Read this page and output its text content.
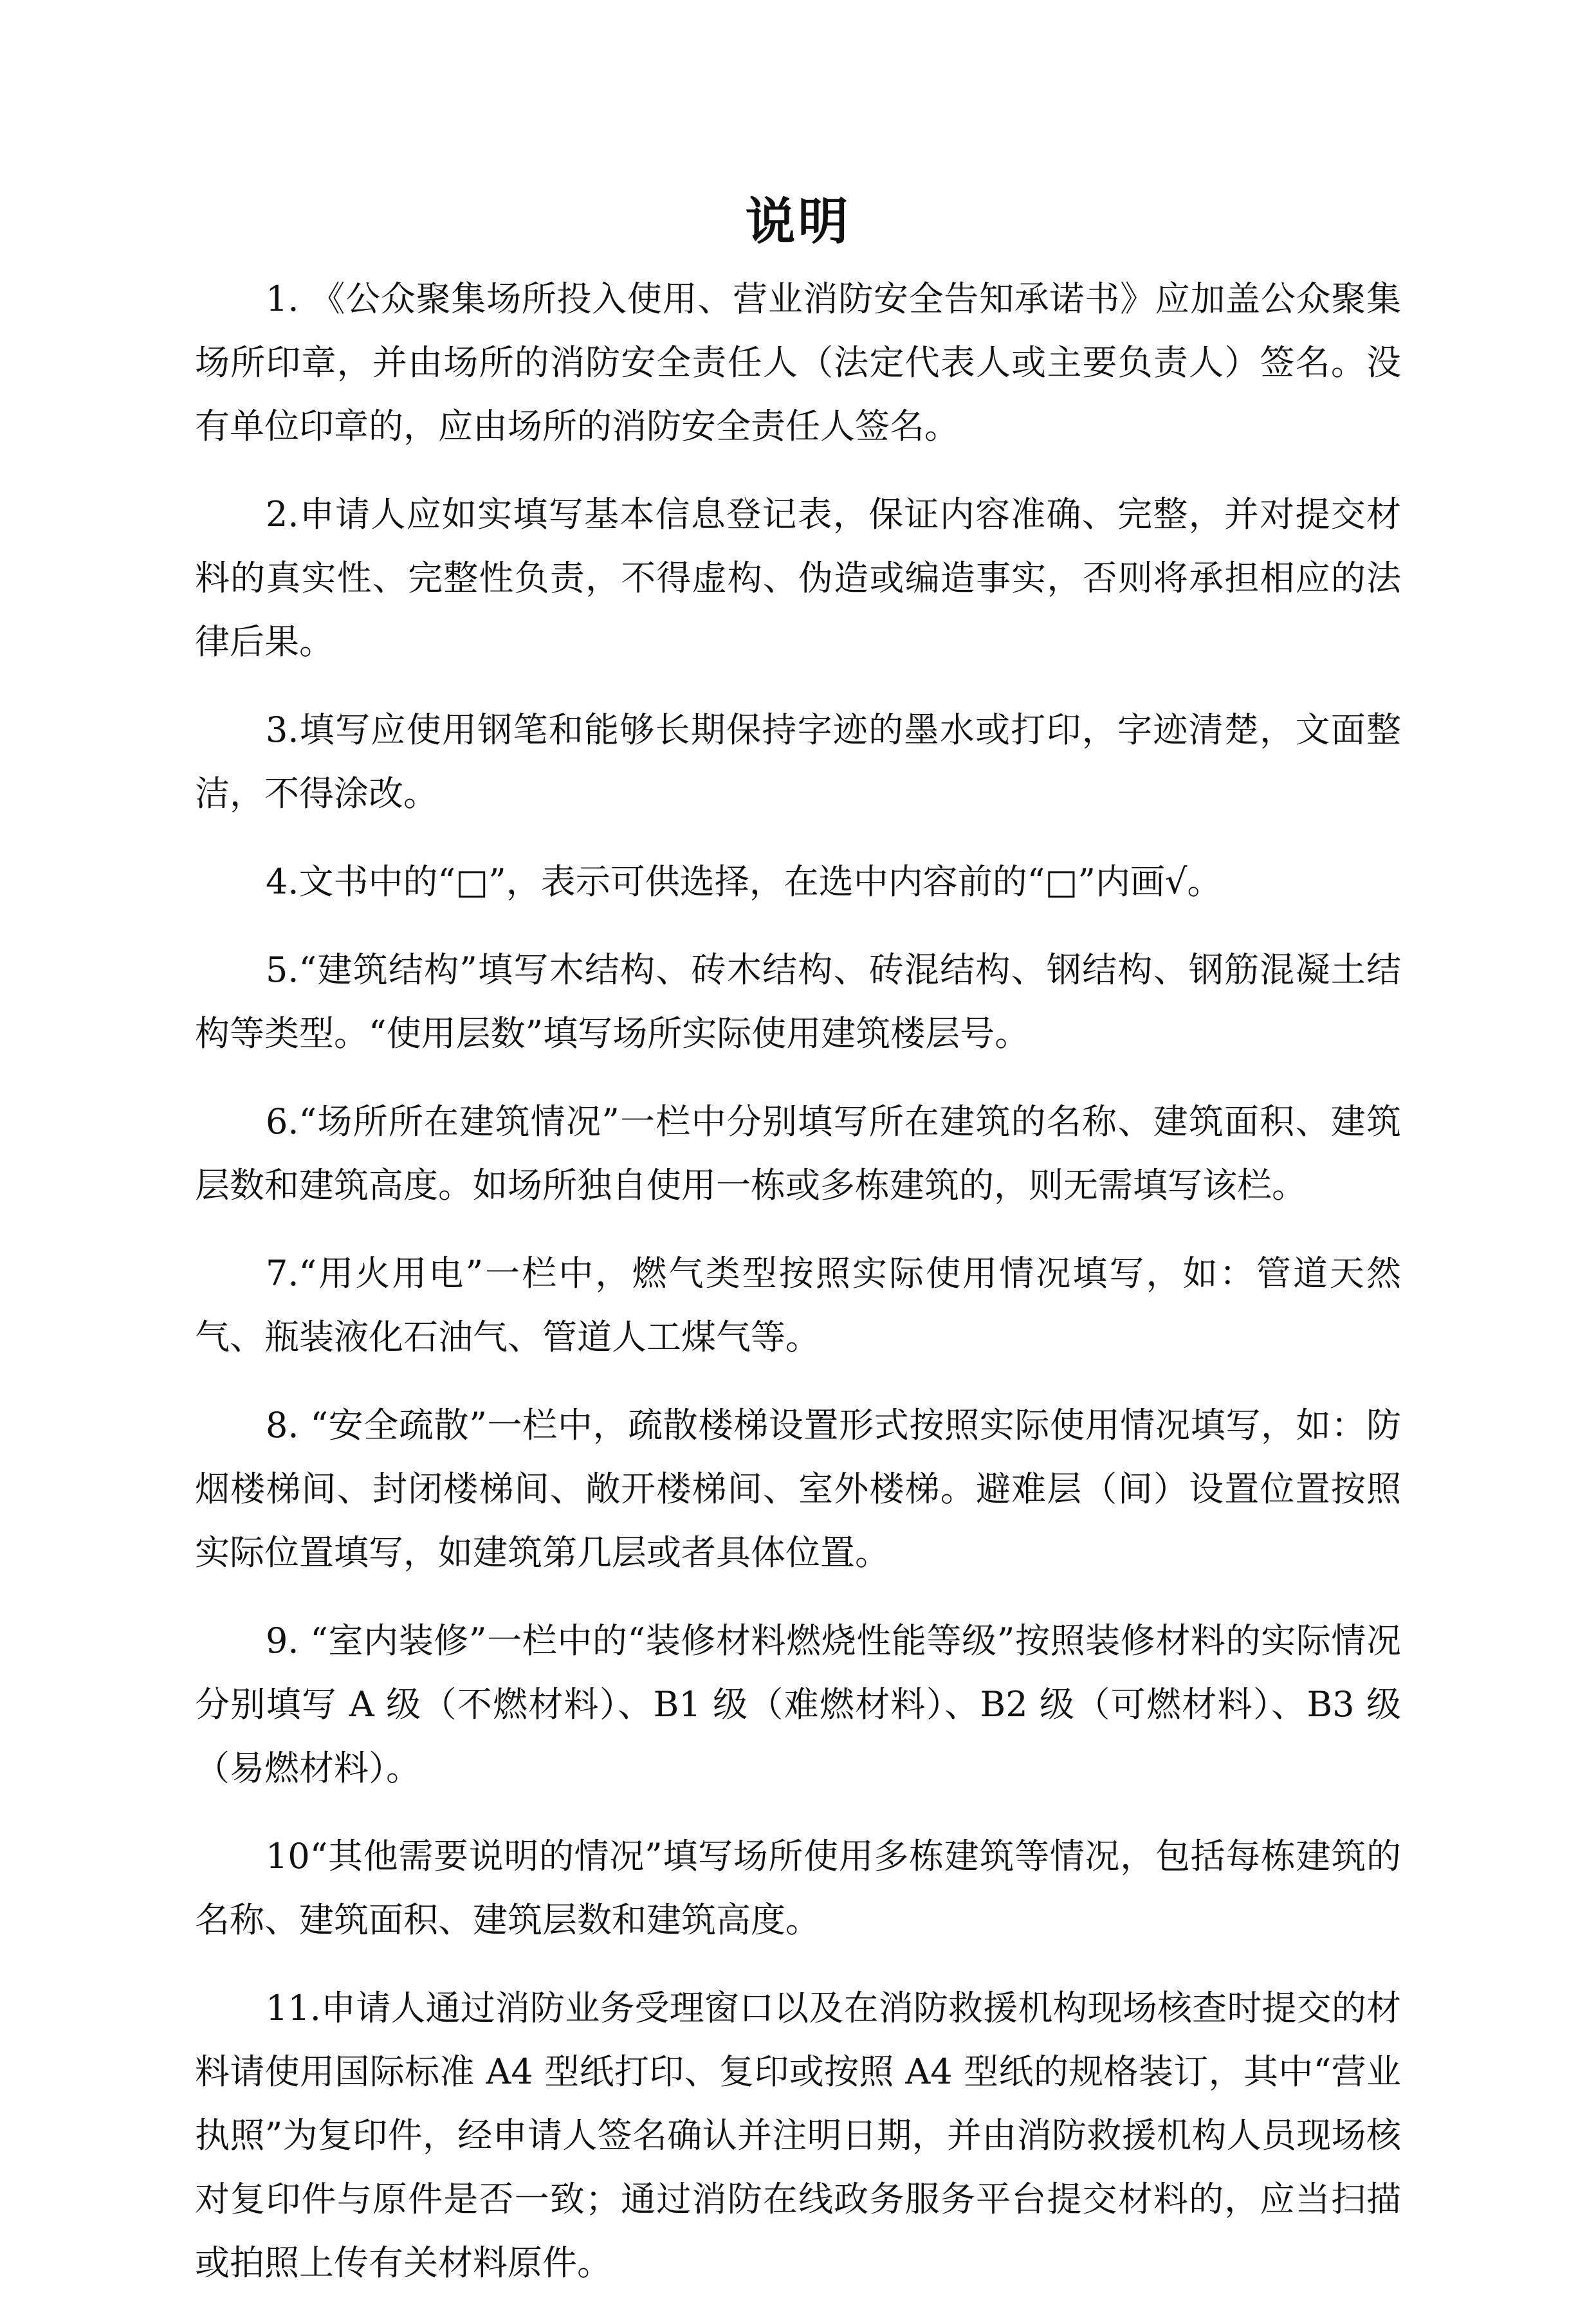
说明

1. 《公众聚集场所投入使用、营业消防安全告知承诺书》应加盖公众聚集场所印章，并由场所的消防安全责任人（法定代表人或主要负责人）签名。没有单位印章的，应由场所的消防安全责任人签名。

2.申请人应如实填写基本信息登记表，保证内容准确、完整，并对提交材料的真实性、完整性负责，不得虚构、伪造或编造事实，否则将承担相应的法律后果。

3.填写应使用钢笔和能够长期保持字迹的墨水或打印，字迹清楚，文面整洁，不得涂改。

4.文书中的“□”，表示可供选择，在选中内容前的“□”内画√。

5.“建筑结构”填写木结构、砖木结构、砖混结构、钢结构、钢筋混凝土结构等类型。“使用层数”填写场所实际使用建筑楼层号。

6.“场所所在建筑情况”一栏中分别填写所在建筑的名称、建筑面积、建筑层数和建筑高度。如场所独自使用一栋或多栋建筑的，则无需填写该栏。

7.“用火用电”一栏中，燃气类型按照实际使用情况填写，如：管道天然气、瓶装液化石油气、管道人工煤气等。

8. “安全疏散”一栏中，疏散楼梯设置形式按照实际使用情况填写，如：防烟楼梯间、封闭楼梯间、敞开楼梯间、室外楼梯。避难层（间）设置位置按照实际位置填写，如建筑第几层或者具体位置。

9. “室内装修”一栏中的“装修材料燃烧性能等级”按照装修材料的实际情况分别填写 A 级（不燃材料）、B1 级（难燃材料）、B2 级（可燃材料）、B3 级（易燃材料）。

10“其他需要说明的情况”填写场所使用多栋建筑等情况，包括每栋建筑的名称、建筑面积、建筑层数和建筑高度。

11.申请人通过消防业务受理窗口以及在消防救援机构现场核查时提交的材料请使用国际标准 A4 型纸打印、复印或按照 A4 型纸的规格装订，其中“营业执照”为复印件，经申请人签名确认并注明日期，并由消防救援机构人员现场核对复印件与原件是否一致；通过消防在线政务服务平台提交材料的，应当扫描或拍照上传有关材料原件。
